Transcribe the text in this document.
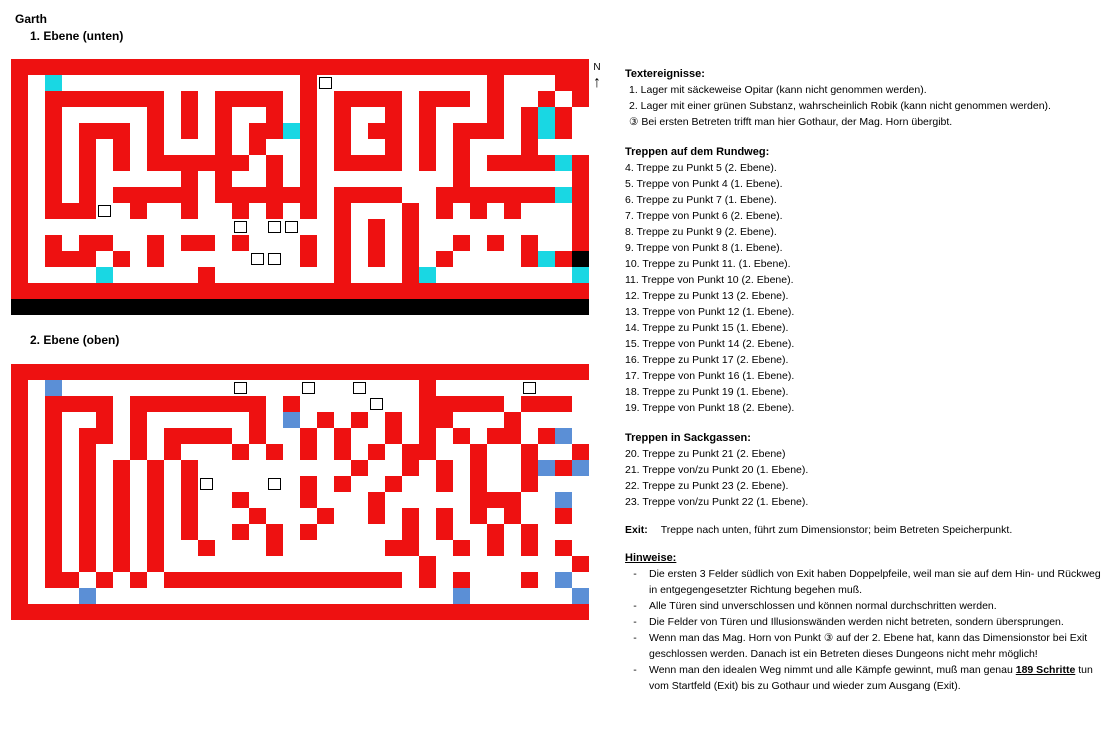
Garth
1. Ebene (unten)
2. Ebene (oben)
N
↑ Textereignisse:
1. Lager mit säckeweise Opitar (kann nicht genommen werden).
2. Lager mit einer grünen Substanz, wahrscheinlich Robik (kann nicht genommen werden).
③ Bei ersten Betreten trifft man hier Gothaur, der Mag. Horn übergibt.
Treppen auf dem Rundweg:
4. Treppe zu Punkt 5 (2. Ebene).
5. Treppe von Punkt 4 (1. Ebene).
6. Treppe zu Punkt 7 (1. Ebene).
7. Treppe von Punkt 6 (2. Ebene).
8. Treppe zu Punkt 9 (2. Ebene).
9. Treppe von Punkt 8 (1. Ebene).
10. Treppe zu Punkt 11. (1. Ebene).
11. Treppe von Punkt 10 (2. Ebene).
12. Treppe zu Punkt 13 (2. Ebene).
13. Treppe von Punkt 12 (1. Ebene).
14. Treppe zu Punkt 15 (1. Ebene).
15. Treppe von Punkt 14 (2. Ebene).
16. Treppe zu Punkt 17 (2. Ebene).
17. Treppe von Punkt 16 (1. Ebene).
18. Treppe zu Punkt 19 (1. Ebene).
19. Treppe von Punkt 18 (2. Ebene).
Treppen in Sackgassen:
20. Treppe zu Punkt 21 (2. Ebene)
21. Treppe von/zu Punkt 20 (1. Ebene).
22. Treppe zu Punkt 23 (2. Ebene).
23. Treppe von/zu Punkt 22 (1. Ebene).
Exit: Treppe nach unten, führt zum Dimensionstor; beim Betreten Speicherpunkt.
Hinweise:
-	Die ersten 3 Felder südlich von Exit haben Doppelpfeile, weil man sie auf dem Hin- und Rückweg in entgegengesetzter Richtung begehen muß.
-	Alle Türen sind unverschlossen und können normal durchschritten werden.
-	Die Felder von Türen und Illusionswänden werden nicht betreten, sondern übersprungen.
-	Wenn man das Mag. Horn von Punkt ③ auf der 2. Ebene hat, kann das Dimensionstor bei Exit geschlossen werden. Danach ist ein Betreten dieses Dungeons nicht mehr möglich!
-	Wenn man den idealen Weg nimmt und alle Kämpfe gewinnt, muß man genau 189 Schritte tun vom Startfeld (Exit) bis zu Gothaur und wieder zum Ausgang (Exit).
